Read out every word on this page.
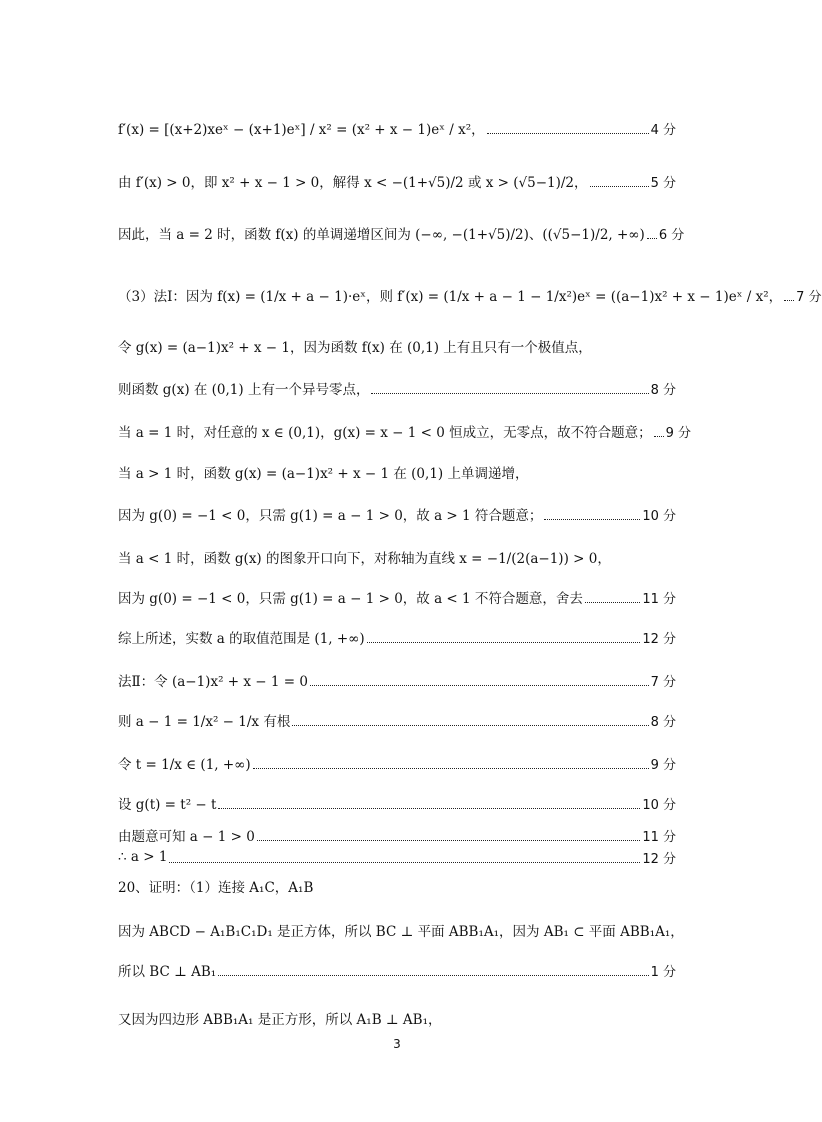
f′(x) = [(x+2)xeˣ − (x+1)eˣ] / x² = (x² + x − 1)eˣ / x²，	4 分
由 f′(x) > 0，即 x² + x − 1 > 0，解得 x < −(1+√5)/2 或 x > (√5−1)/2，	5 分
因此，当 a = 2 时，函数 f(x) 的单调递增区间为 (−∞, −(1+√5)/2)、((√5−1)/2, +∞) 6 分
（3）法Ⅰ：因为 f(x) = (1/x + a − 1)·eˣ，则 f′(x) = (1/x + a − 1 − 1/x²)eˣ = ((a−1)x² + x − 1)eˣ / x²， 7 分
令 g(x) = (a−1)x² + x − 1，因为函数 f(x) 在 (0,1) 上有且只有一个极值点，
则函数 g(x) 在 (0,1) 上有一个异号零点，	8 分
当 a = 1 时，对任意的 x ∈ (0,1)，g(x) = x − 1 < 0 恒成立，无零点，故不符合题意； 9 分
当 a > 1 时，函数 g(x) = (a−1)x² + x − 1 在 (0,1) 上单调递增，
因为 g(0) = −1 < 0，只需 g(1) = a − 1 > 0，故 a > 1 符合题意；	10 分
当 a < 1 时，函数 g(x) 的图象开口向下，对称轴为直线 x = −1/(2(a−1)) > 0，
因为 g(0) = −1 < 0，只需 g(1) = a − 1 > 0，故 a < 1 不符合题意，舍去	11 分
综上所述，实数 a 的取值范围是 (1, +∞)	12 分
法Ⅱ：令 (a−1)x² + x − 1 = 0	7 分
则 a − 1 = 1/x² − 1/x 有根	8 分
令 t = 1/x ∈ (1, +∞)	9 分
设 g(t) = t² − t	10 分
由题意可知 a − 1 > 0	11 分
∴ a > 1	12 分
20、证明：（1）连接 A₁C，A₁B
因为 ABCD − A₁B₁C₁D₁ 是正方体，所以 BC ⊥ 平面 ABB₁A₁，因为 AB₁ ⊂ 平面 ABB₁A₁，
所以 BC ⊥ AB₁	1 分
又因为四边形 ABB₁A₁ 是正方形，所以 A₁B ⊥ AB₁，
3
